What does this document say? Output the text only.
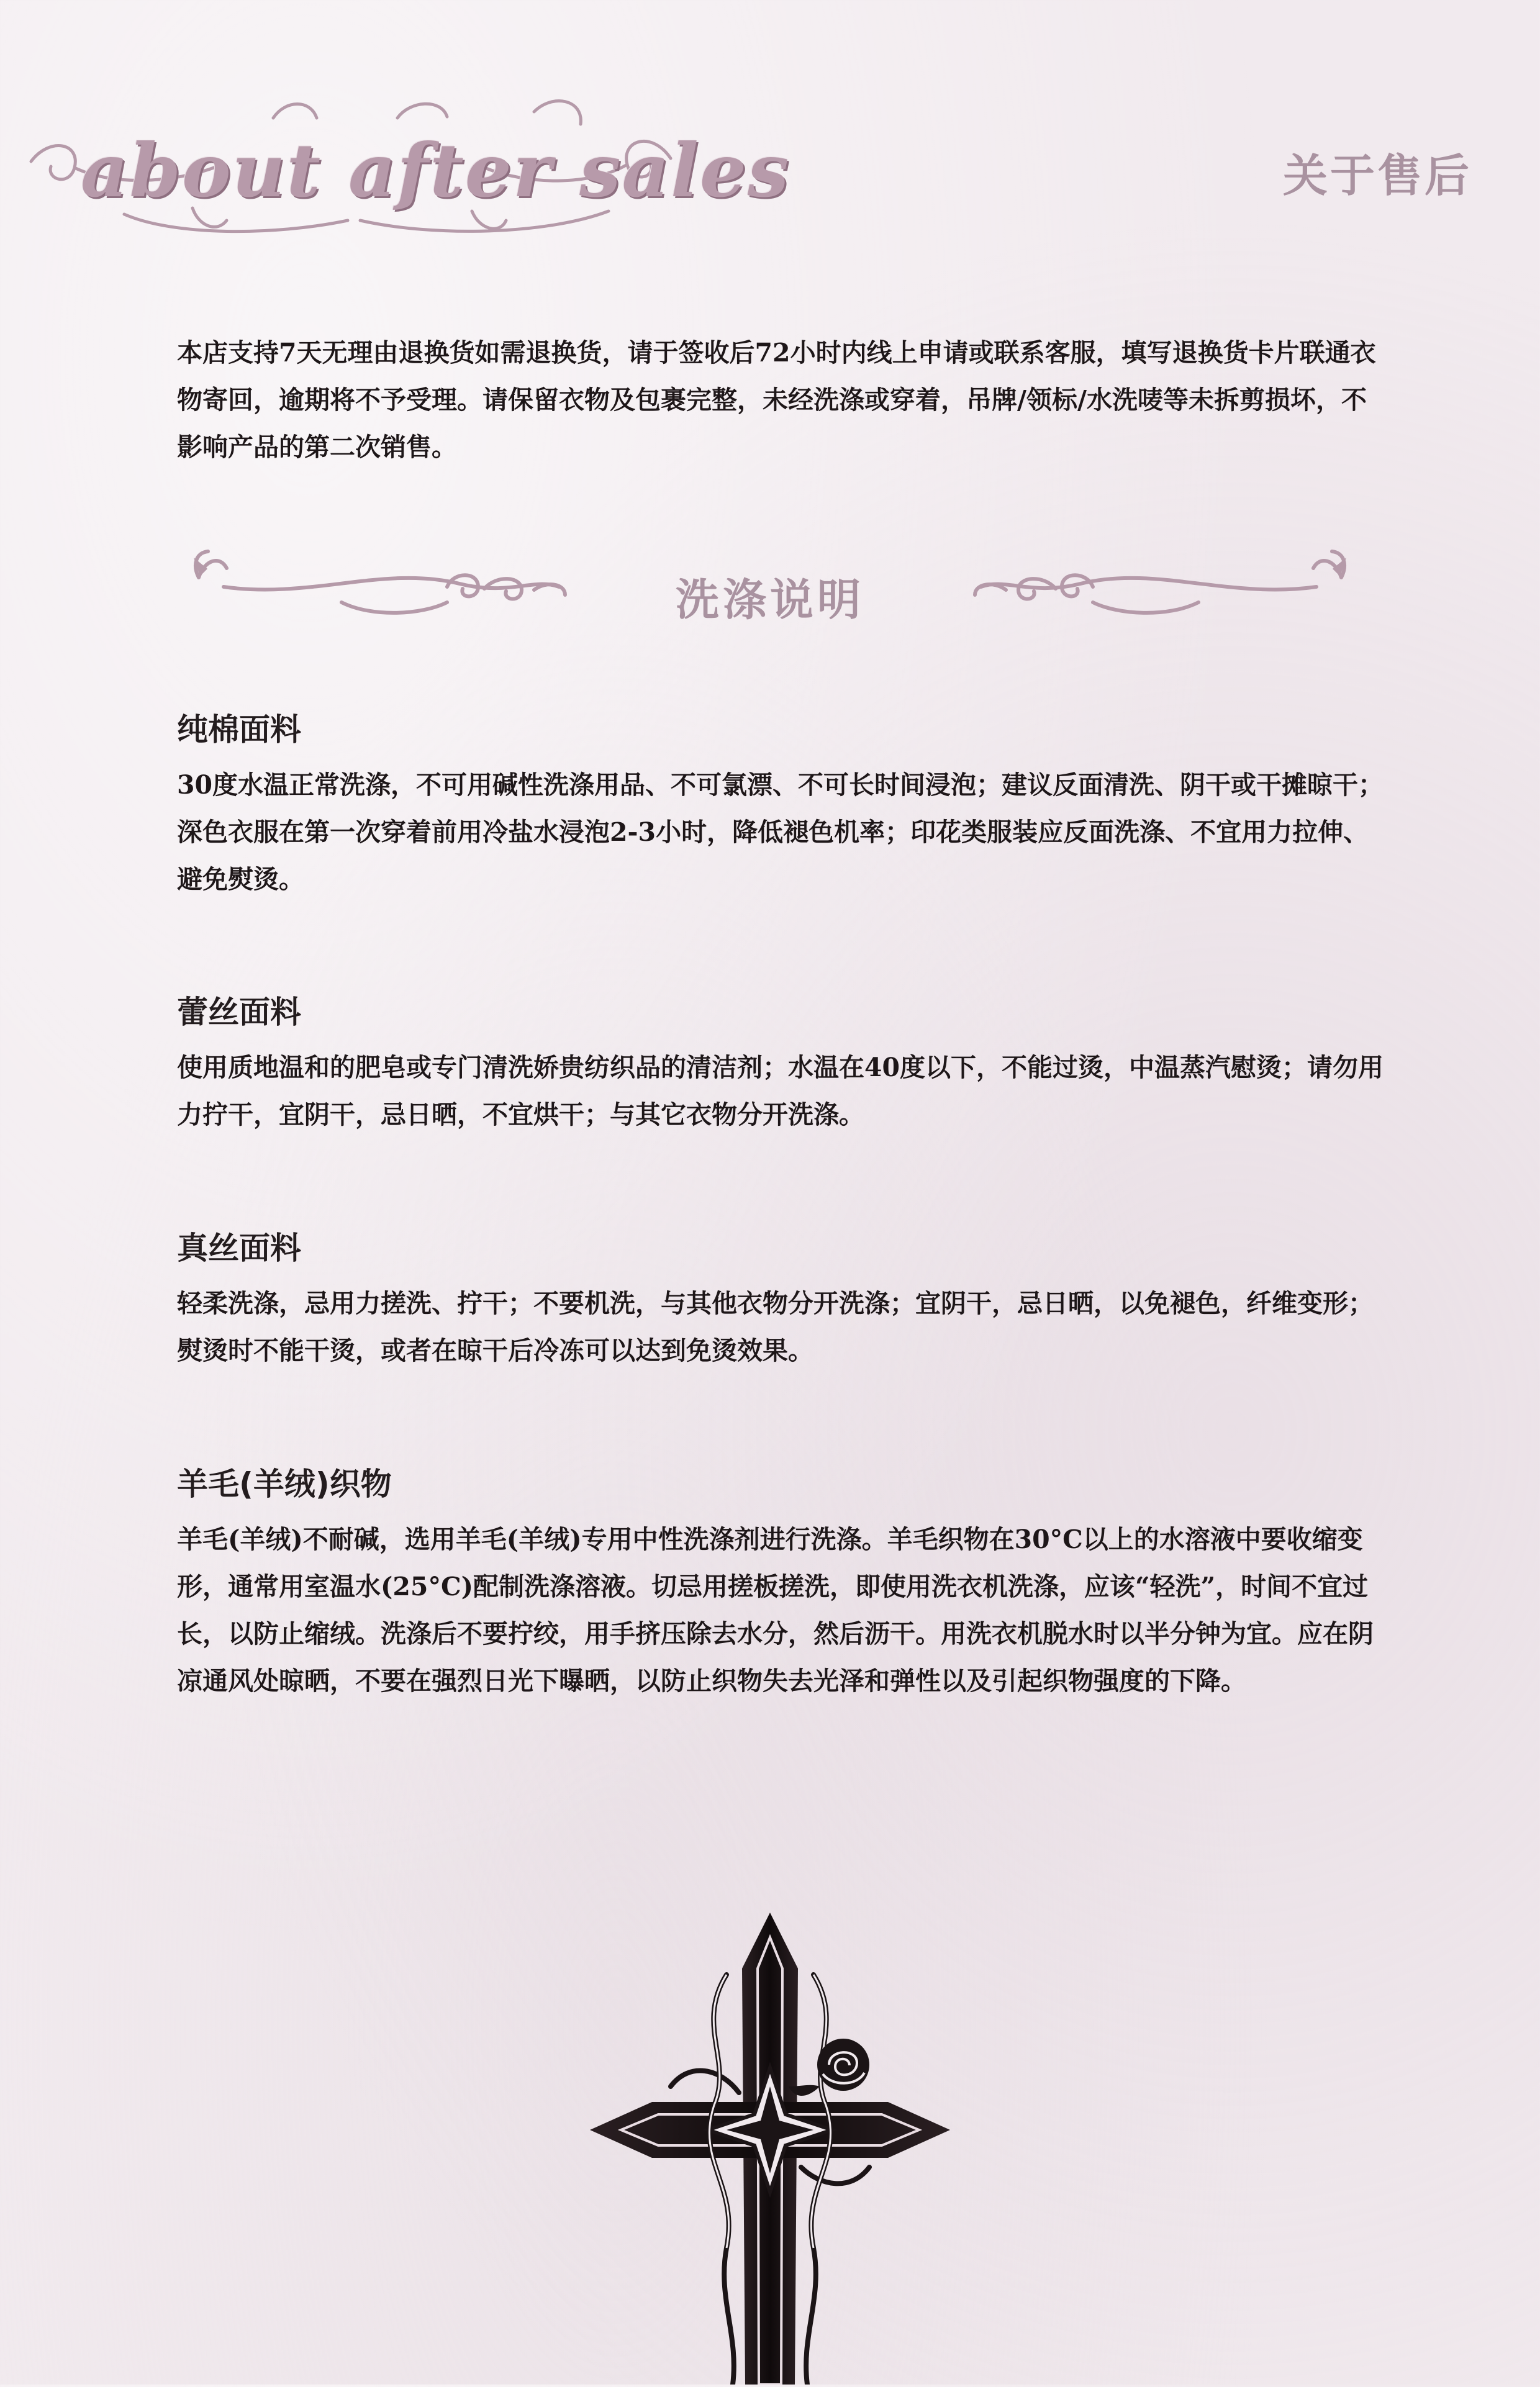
about after sales	关于售后

本店支持7天无理由退换货如需退换货，请于签收后72小时内线上申请或联系客服，填写退换货卡片联通衣物寄回，逾期将不予受理。请保留衣物及包裹完整，未经洗涤或穿着，吊牌/领标/水洗唛等未拆剪损坏，不影响产品的第二次销售。

洗涤说明
纯棉面料

30度水温正常洗涤，不可用碱性洗涤用品、不可氯漂、不可长时间浸泡；建议反面清洗、阴干或干摊晾干；深色衣服在第一次穿着前用冷盐水浸泡2-3小时，降低褪色机率；印花类服装应反面洗涤、不宜用力拉伸、避免熨烫。

蕾丝面料

使用质地温和的肥皂或专门清洗娇贵纺织品的清洁剂；水温在40度以下，不能过烫，中温蒸汽慰烫；请勿用力拧干，宜阴干，忌日晒，不宜烘干；与其它衣物分开洗涤。

真丝面料

轻柔洗涤，忌用力搓洗、拧干；不要机洗，与其他衣物分开洗涤；宜阴干，忌日晒，以免褪色，纤维变形；熨烫时不能干烫，或者在晾干后冷冻可以达到免烫效果。

羊毛(羊绒)织物

羊毛(羊绒)不耐碱，选用羊毛(羊绒)专用中性洗涤剂进行洗涤。羊毛织物在30°C以上的水溶液中要收缩变形，通常用室温水(25°C)配制洗涤溶液。切忌用搓板搓洗，即使用洗衣机洗涤，应该“轻洗”，时间不宜过长，以防止缩绒。洗涤后不要拧绞，用手挤压除去水分，然后沥干。用洗衣机脱水时以半分钟为宜。应在阴凉通风处晾晒，不要在强烈日光下曝晒，以防止织物失去光泽和弹性以及引起织物强度的下降。
